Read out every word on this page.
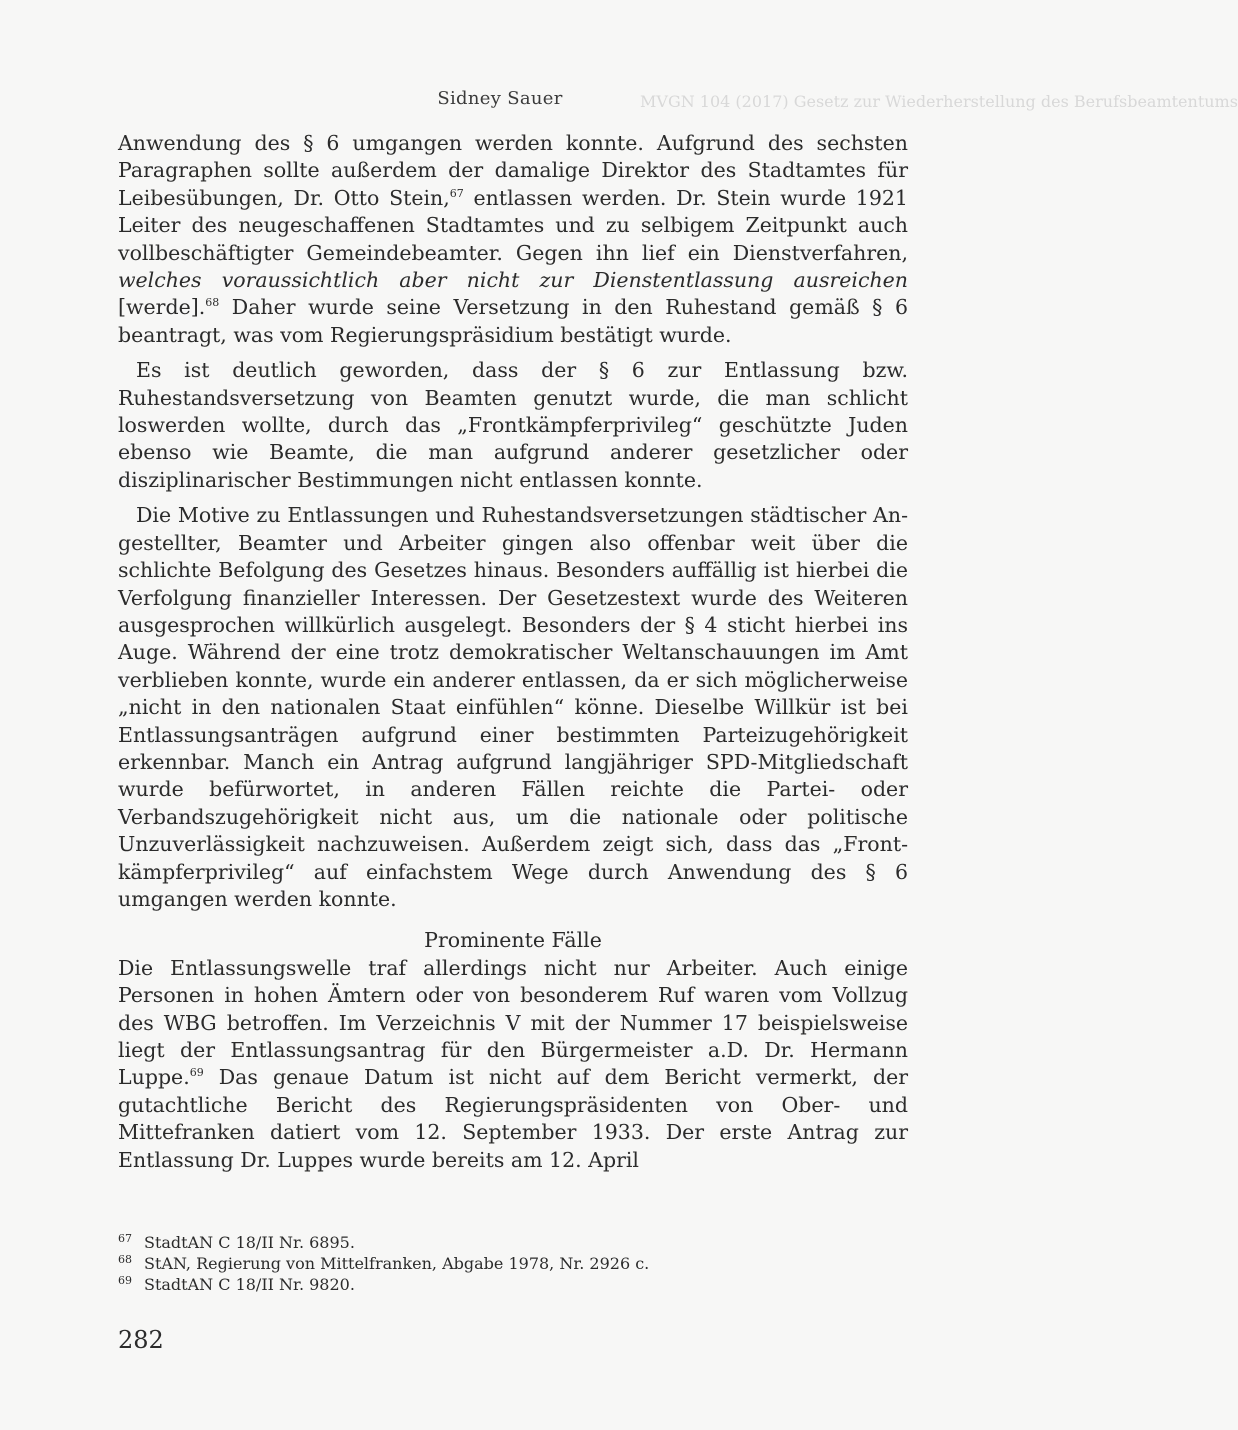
MVGN 104 (2017) Gesetz zur Wiederherstellung des Berufsbeamtentums
Sidney Sauer

Anwendung des § 6 umgangen werden konnte. Aufgrund des sechsten Paragraphen sollte außerdem der damalige Direktor des Stadtamtes für Leibesübungen, Dr. Otto Stein,$^{67}$ entlassen werden. Dr. Stein wurde 1921 Leiter des neugeschaffenen Stadtamtes und zu selbigem Zeitpunkt auch vollbeschäftigter Gemeindebeamter. Gegen ihn lief ein Dienstverfahren, welches voraussichtlich aber nicht zur Dienstentlassung ausreichen [werde].$^{68}$ Daher wurde seine Versetzung in den Ruhestand gemäß § 6 beantragt, was vom Regierungspräsidium bestätigt wurde.

Es ist deutlich geworden, dass der § 6 zur Entlassung bzw. Ruhestandsversetzung von Beamten genutzt wurde, die man schlicht loswerden wollte, durch das „Frontkämpferprivileg“ geschützte Juden ebenso wie Beamte, die man aufgrund anderer gesetzlicher oder disziplinarischer Bestimmungen nicht entlassen konnte.

Die Motive zu Entlassungen und Ruhestandsversetzungen städtischer Angestellter, Beamter und Arbeiter gingen also offenbar weit über die schlichte Befolgung des Gesetzes hinaus. Besonders auffällig ist hierbei die Verfolgung finanzieller Interessen. Der Gesetzestext wurde des Weiteren ausgesprochen willkürlich ausgelegt. Besonders der § 4 sticht hierbei ins Auge. Während der eine trotz demokratischer Weltanschauungen im Amt verblieben konnte, wurde ein anderer entlassen, da er sich möglicherweise „nicht in den nationalen Staat einfühlen“ könne. Dieselbe Willkür ist bei Entlassungsanträgen aufgrund einer bestimmten Parteizugehörigkeit erkennbar. Manch ein Antrag aufgrund langjähriger SPD-Mitgliedschaft wurde befürwortet, in anderen Fällen reichte die Partei- oder Verbandszugehörigkeit nicht aus, um die nationale oder politische Unzuverlässigkeit nachzuweisen. Außerdem zeigt sich, dass das „Frontkämpferprivileg“ auf einfachstem Wege durch Anwendung des § 6 umgangen werden konnte.

Prominente Fälle

Die Entlassungswelle traf allerdings nicht nur Arbeiter. Auch einige Personen in hohen Ämtern oder von besonderem Ruf waren vom Vollzug des WBG betroffen. Im Verzeichnis V mit der Nummer 17 beispielsweise liegt der Entlassungsantrag für den Bürgermeister a.D. Dr. Hermann Luppe.$^{69}$ Das genaue Datum ist nicht auf dem Bericht vermerkt, der gutachtliche Bericht des Regierungspräsidenten von Ober- und Mittefranken datiert vom 12. September 1933. Der erste Antrag zur Entlassung Dr. Luppes wurde bereits am 12. April

67 StadtAN C 18/II Nr. 6895.
68 StAN, Regierung von Mittelfranken, Abgabe 1978, Nr. 2926 c.
69 StadtAN C 18/II Nr. 9820.
282
